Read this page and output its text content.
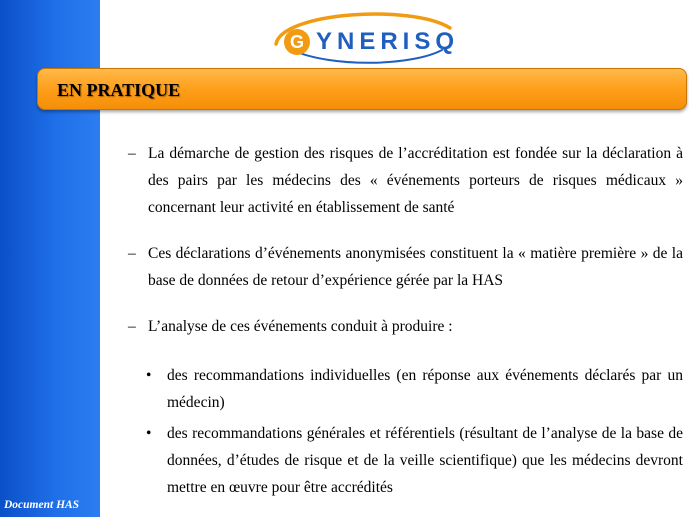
Document HAS
G YNERISQ
EN PRATIQUE
– La démarche de gestion des risques de l’accréditation est fondée sur la déclaration à des pairs par les médecins des « événements porteurs de risques médicaux » concernant leur activité en établissement de santé
– Ces déclarations d’événements anonymisées constituent la « matière première » de la base de données de retour d’expérience gérée par la HAS
– L’analyse de ces événements conduit à produire :
• des recommandations individuelles (en réponse aux événements déclarés par un médecin)
• des recommandations générales et référentiels (résultant de l’analyse de la base de données, d’études de risque et de la veille scientifique) que les médecins devront mettre en œuvre pour être accrédités
